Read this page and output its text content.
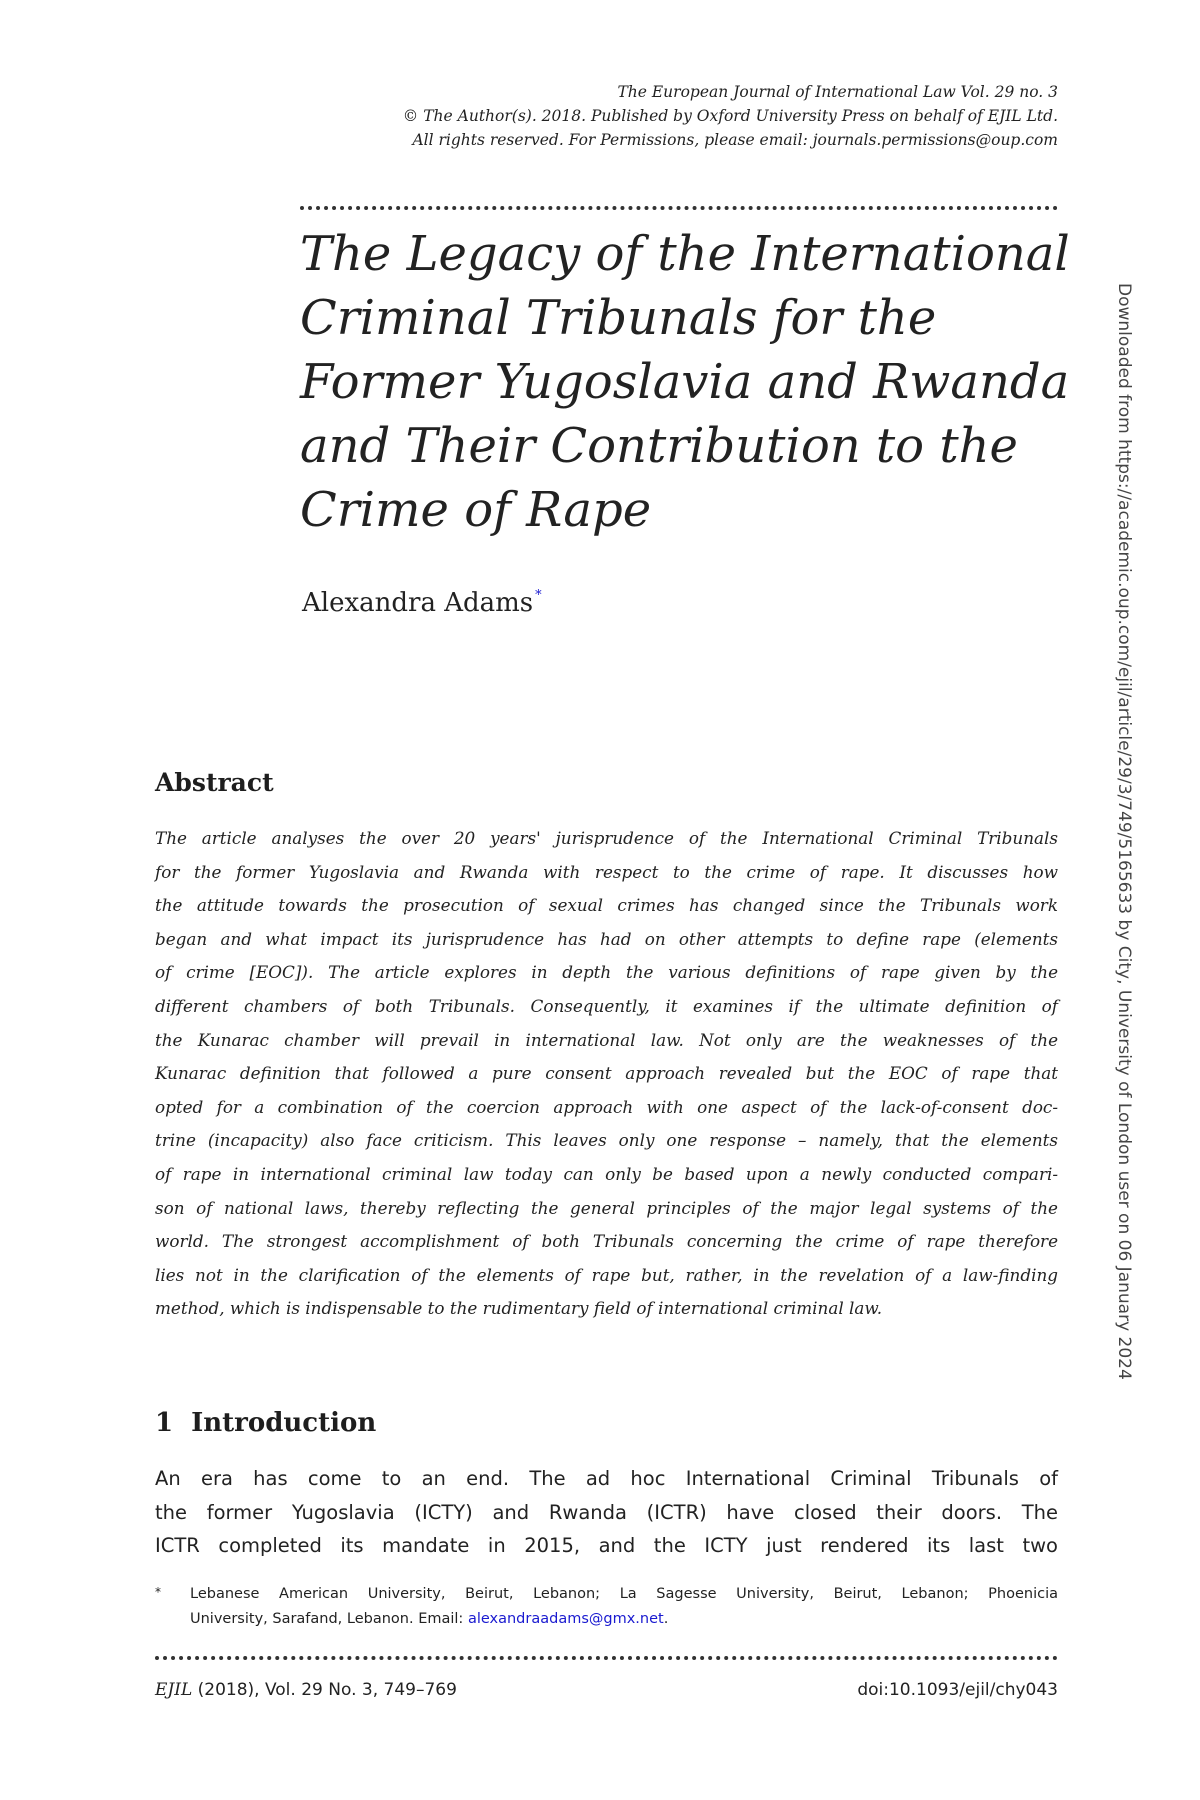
The European Journal of International Law Vol. 29 no. 3
© The Author(s). 2018. Published by Oxford University Press on behalf of EJIL Ltd.
All rights reserved. For Permissions, please email: journals.permissions@oup.com
The Legacy of the International
Criminal Tribunals for the
Former Yugoslavia and Rwanda
and Their Contribution to the
Crime of Rape
Alexandra Adams *
Abstract
The article analyses the over 20 years' jurisprudence of the International Criminal Tribunals
for the former Yugoslavia and Rwanda with respect to the crime of rape. It discusses how
the attitude towards the prosecution of sexual crimes has changed since the Tribunals work
began and what impact its jurisprudence has had on other attempts to define rape (elements
of crime [EOC]). The article explores in depth the various definitions of rape given by the
different chambers of both Tribunals. Consequently, it examines if the ultimate definition of
the Kunarac chamber will prevail in international law. Not only are the weaknesses of the
Kunarac definition that followed a pure consent approach revealed but the EOC of rape that
opted for a combination of the coercion approach with one aspect of the lack-of-consent doc-
trine (incapacity) also face criticism. This leaves only one response – namely, that the elements
of rape in international criminal law today can only be based upon a newly conducted compari-
son of national laws, thereby reflecting the general principles of the major legal systems of the
world. The strongest accomplishment of both Tribunals concerning the crime of rape therefore
lies not in the clarification of the elements of rape but, rather, in the revelation of a law-finding
method, which is indispensable to the rudimentary field of international criminal law.
1 Introduction
An era has come to an end. The ad hoc International Criminal Tribunals of
the former Yugoslavia (ICTY) and Rwanda (ICTR) have closed their doors. The
ICTR completed its mandate in 2015, and the ICTY just rendered its last two
* Lebanese American University, Beirut, Lebanon; La Sagesse University, Beirut, Lebanon; Phoenicia
University, Sarafand, Lebanon. Email: alexandraadams@gmx.net.
EJIL (2018), Vol. 29 No. 3, 749–769	doi:10.1093/ejil/chy043
Downloaded from https://academic.oup.com/ejil/article/29/3/749/5165633 by City, University of London user on 06 January 2024
